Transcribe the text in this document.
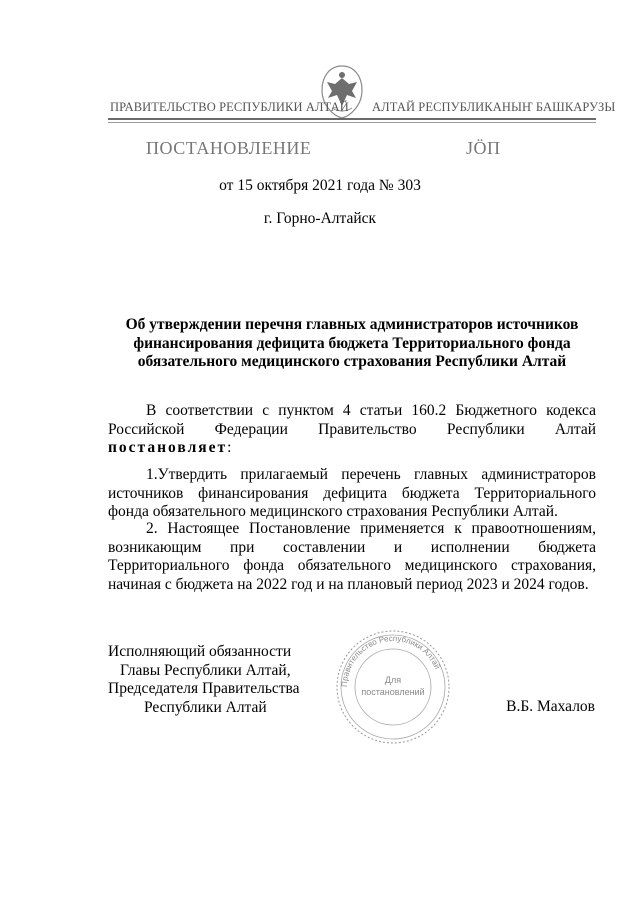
ПРАВИТЕЛЬСТВО РЕСПУБЛИКИ АЛТАЙ АЛТАЙ РЕСПУБЛИКАНЫҤ БАШКАРУЗЫ
ПОСТАНОВЛЕНИЕ	ЈӦП
от 15 октября 2021 года № 303
г. Горно-Алтайск
Об утверждении перечня главных администраторов источников финансирования дефицита бюджета Территориального фонда обязательного медицинского страхования Республики Алтай
В соответствии с пунктом 4 статьи 160.2 Бюджетного кодекса Российской Федерации Правительство Республики Алтай постановляет:
1.Утвердить прилагаемый перечень главных администраторов источников финансирования дефицита бюджета Территориального фонда обязательного медицинского страхования Республики Алтай.
2. Настоящее Постановление применяется к правоотношениям, возникающим при составлении и исполнении бюджета Территориального фонда обязательного медицинского страхования, начиная с бюджета на 2022 год и на плановый период 2023 и 2024 годов.
Исполняющий обязанности
Главы Республики Алтай,
Председателя Правительства
Республики Алтай
Правительство Республики Алтай
Для
постановлений
В.Б. Махалов
